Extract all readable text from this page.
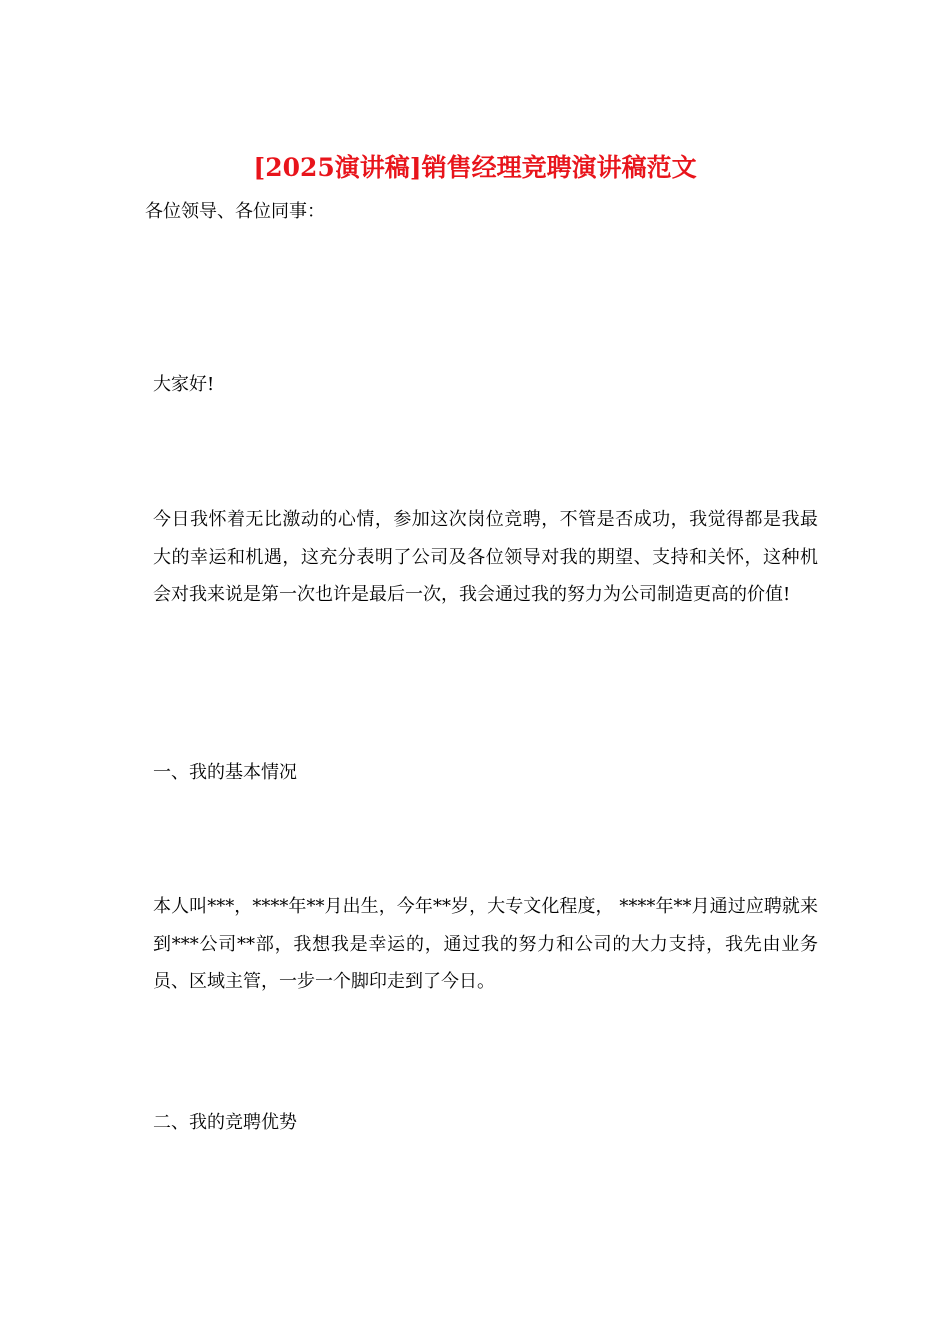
[2025演讲稿]销售经理竞聘演讲稿范文

各位领导、各位同事：

大家好!

今日我怀着无比激动的心情，参加这次岗位竞聘，不管是否成功，我觉得都是我最大的幸运和机遇，这充分表明了公司及各位领导对我的期望、支持和关怀，这种机会对我来说是第一次也许是最后一次，我会通过我的努力为公司制造更高的价值!

一、我的基本情况

本人叫***，****年**月出生，今年**岁，大专文化程度， ****年**月通过应聘就来到***公司**部，我想我是幸运的，通过我的努力和公司的大力支持，我先由业务员、区域主管，一步一个脚印走到了今日。

二、我的竞聘优势
